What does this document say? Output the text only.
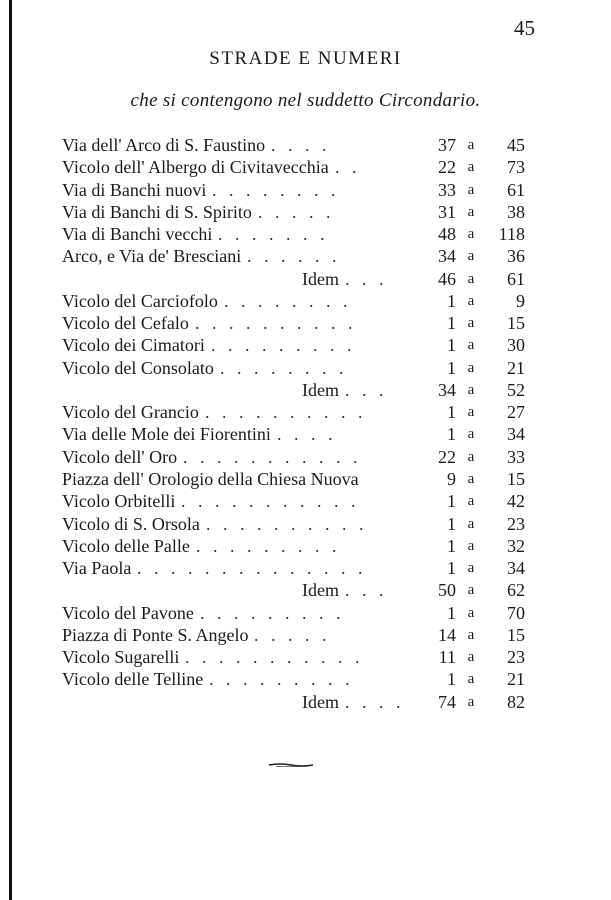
45
STRADE E NUMERI
che si contengono nel suddetto Circondario.
Via dell' Arco di S. Faustino . . . .	37 a	45
Vicolo dell' Albergo di Civitavecchia . .	22 a	73
Via di Banchi nuovi . . . . . . . .	33 a	61
Via di Banchi di S. Spirito . . . . .	31 a	38
Via di Banchi vecchi . . . . . . .	48 a	118
Arco, e Via de' Bresciani . . . . . .	34 a	36
Idem . . .	46 a	61
Vicolo del Carciofolo . . . . . . . .	1 a	9
Vicolo del Cefalo . . . . . . . . . .	1 a	15
Vicolo dei Cimatori . . . . . . . . .	1 a	30
Vicolo del Consolato . . . . . . . .	1 a	21
Idem . . .	34 a	52
Vicolo del Grancio . . . . . . . . . .	1 a	27
Via delle Mole dei Fiorentini . . . .	1 a	34
Vicolo dell' Oro . . . . . . . . . . .	22 a	33
Piazza dell' Orologio della Chiesa Nuova	9 a	15
Vicolo Orbitelli . . . . . . . . . . .	1 a	42
Vicolo di S. Orsola . . . . . . . . . .	1 a	23
Vicolo delle Palle . . . . . . . . .	1 a	32
Via Paola . . . . . . . . . . . . . .	1 a	34
Idem . . .	50 a	62
Vicolo del Pavone . . . . . . . . .	1 a	70
Piazza di Ponte S. Angelo . . . . .	14 a	15
Vicolo Sugarelli . . . . . . . . . . .	11 a	23
Vicolo delle Telline . . . . . . . . .	1 a	21
Idem . . . .	74 a	82
